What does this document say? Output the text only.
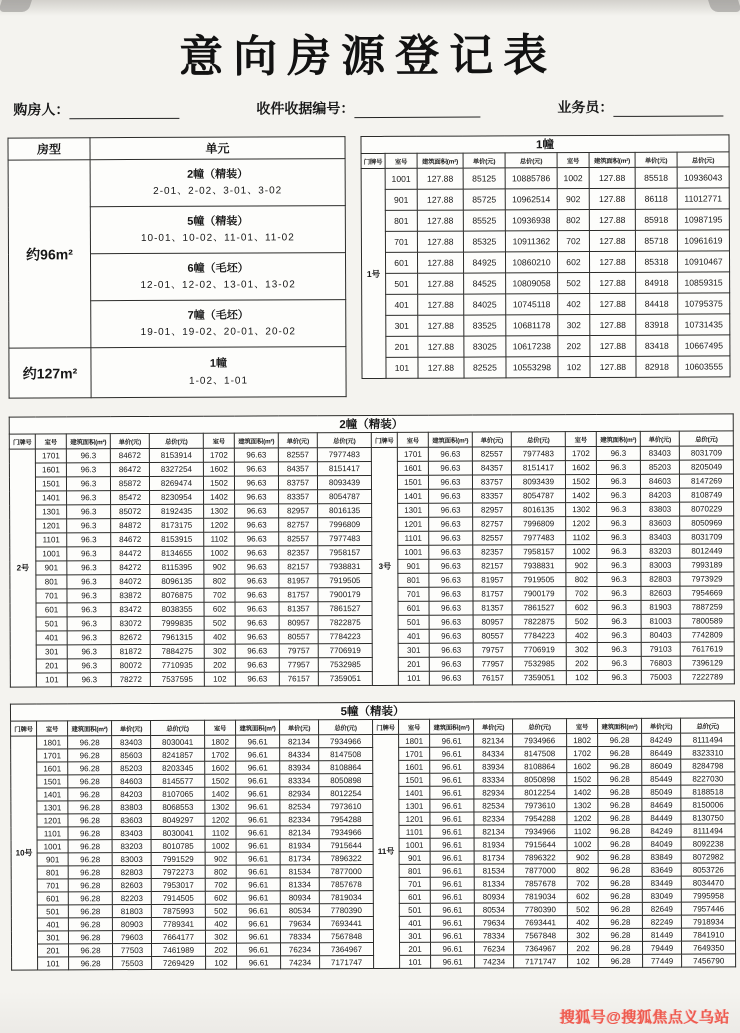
意向房源登记表
购房人：	收件收据编号：	业务员：
房型	单元
约96m²	2幢（精装）
2-01、2-02、3-01、3-02

	5幢（精装）
10-01、10-02、11-01、11-02

	6幢（毛坯）
12-01、12-02、13-01、13-02

	7幢（毛坯）
19-01、19-02、20-01、20-02

约127m²	1幢
1-02、1-01
1幢								
门牌号	室号	建筑面积(m²)	单价(元)	总价(元)	室号	建筑面积(m²)	单价(元)	总价(元)
1号	1001	127.88	85125	10885786	1002	127.88	85518	10936043
	901	127.88	85725	10962514	902	127.88	86118	11012771
	801	127.88	85525	10936938	802	127.88	85918	10987195
	701	127.88	85325	10911362	702	127.88	85718	10961619
	601	127.88	84925	10860210	602	127.88	85318	10910467
	501	127.88	84525	10809058	502	127.88	84918	10859315
	401	127.88	84025	10745118	402	127.88	84418	10795375
	301	127.88	83525	10681178	302	127.88	83918	10731435
	201	127.88	83025	10617238	202	127.88	83418	10667495
	101	127.88	82525	10553298	102	127.88	82918	10603555
2幢（精装）																	
门牌号	室号	建筑面积(m²)	单价(元)	总价(元)	室号	建筑面积(m²)	单价(元)	总价(元)	门牌号	室号	建筑面积(m²)	单价(元)	总价(元)	室号	建筑面积(m²)	单价(元)	总价(元)
2号	1701	96.3	84672	8153914	1702	96.63	82557	7977483	3号	1701	96.63	82557	7977483	1702	96.3	83403	8031709
	1601	96.3	86472	8327254	1602	96.63	84357	8151417		1601	96.63	84357	8151417	1602	96.3	85203	8205049
	1501	96.3	85872	8269474	1502	96.63	83757	8093439		1501	96.63	83757	8093439	1502	96.3	84603	8147269
	1401	96.3	85472	8230954	1402	96.63	83357	8054787		1401	96.63	83357	8054787	1402	96.3	84203	8108749
	1301	96.3	85072	8192435	1302	96.63	82957	8016135		1301	96.63	82957	8016135	1302	96.3	83803	8070229
	1201	96.3	84872	8173175	1202	96.63	82757	7996809		1201	96.63	82757	7996809	1202	96.3	83603	8050969
	1101	96.3	84672	8153915	1102	96.63	82557	7977483		1101	96.63	82557	7977483	1102	96.3	83403	8031709
	1001	96.3	84472	8134655	1002	96.63	82357	7958157		1001	96.63	82357	7958157	1002	96.3	83203	8012449
	901	96.3	84272	8115395	902	96.63	82157	7938831		901	96.63	82157	7938831	902	96.3	83003	7993189
	801	96.3	84072	8096135	802	96.63	81957	7919505		801	96.63	81957	7919505	802	96.3	82803	7973929
	701	96.3	83872	8076875	702	96.63	81757	7900179		701	96.63	81757	7900179	702	96.3	82603	7954669
	601	96.3	83472	8038355	602	96.63	81357	7861527		601	96.63	81357	7861527	602	96.3	81903	7887259
	501	96.3	83072	7999835	502	96.63	80957	7822875		501	96.63	80957	7822875	502	96.3	81003	7800589
	401	96.3	82672	7961315	402	96.63	80557	7784223		401	96.63	80557	7784223	402	96.3	80403	7742809
	301	96.3	81872	7884275	302	96.63	79757	7706919		301	96.63	79757	7706919	302	96.3	79103	7617619
	201	96.3	80072	7710935	202	96.63	77957	7532985		201	96.63	77957	7532985	202	96.3	76803	7396129
	101	96.3	78272	7537595	102	96.63	76157	7359051		101	96.63	76157	7359051	102	96.3	75003	7222789
5幢（精装）																	
门牌号	室号	建筑面积(m²)	单价(元)	总价(元)	室号	建筑面积(m²)	单价(元)	总价(元)	门牌号	室号	建筑面积(m²)	单价(元)	总价(元)	室号	建筑面积(m²)	单价(元)	总价(元)
10号	1801	96.28	83403	8030041	1802	96.61	82134	7934966	11号	1801	96.61	82134	7934966	1802	96.28	84249	8111494
	1701	96.28	85603	8241857	1702	96.61	84334	8147508		1701	96.61	84334	8147508	1702	96.28	86449	8323310
	1601	96.28	85203	8203345	1602	96.61	83934	8108864		1601	96.61	83934	8108864	1602	96.28	86049	8284798
	1501	96.28	84603	8145577	1502	96.61	83334	8050898		1501	96.61	83334	8050898	1502	96.28	85449	8227030
	1401	96.28	84203	8107065	1402	96.61	82934	8012254		1401	96.61	82934	8012254	1402	96.28	85049	8188518
	1301	96.28	83803	8068553	1302	96.61	82534	7973610		1301	96.61	82534	7973610	1302	96.28	84649	8150006
	1201	96.28	83603	8049297	1202	96.61	82334	7954288		1201	96.61	82334	7954288	1202	96.28	84449	8130750
	1101	96.28	83403	8030041	1102	96.61	82134	7934966		1101	96.61	82134	7934966	1102	96.28	84249	8111494
	1001	96.28	83203	8010785	1002	96.61	81934	7915644		1001	96.61	81934	7915644	1002	96.28	84049	8092238
	901	96.28	83003	7991529	902	96.61	81734	7896322		901	96.61	81734	7896322	902	96.28	83849	8072982
	801	96.28	82803	7972273	802	96.61	81534	7877000		801	96.61	81534	7877000	802	96.28	83649	8053726
	701	96.28	82603	7953017	702	96.61	81334	7857678		701	96.61	81334	7857678	702	96.28	83449	8034470
	601	96.28	82203	7914505	602	96.61	80934	7819034		601	96.61	80934	7819034	602	96.28	83049	7995958
	501	96.28	81803	7875993	502	96.61	80534	7780390		501	96.61	80534	7780390	502	96.28	82649	7957446
	401	96.28	80903	7789341	402	96.61	79634	7693441		401	96.61	79634	7693441	402	96.28	82249	7918934
	301	96.28	79603	7664177	302	96.61	78334	7567848		301	96.61	78334	7567848	302	96.28	81449	7841910
	201	96.28	77503	7461989	202	96.61	76234	7364967		201	96.61	76234	7364967	202	96.28	79449	7649350
	101	96.28	75503	7269429	102	96.61	74234	7171747		101	96.61	74234	7171747	102	96.28	77449	7456790
搜狐号@搜狐焦点义乌站
